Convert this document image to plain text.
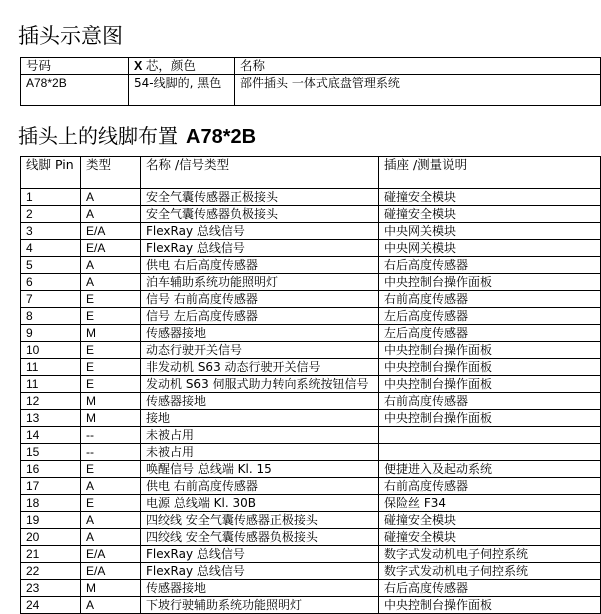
插头示意图
号码	X 芯，颜色	名称
A78*2B	54-线脚的, 黑色	部件插头 一体式底盘管理系统
插头上的线脚布置 A78*2B
线脚 Pin	类型	名称 /信号类型	插座 /测量说明
1	A	安全气囊传感器正极接头	碰撞安全模块
2	A	安全气囊传感器负极接头	碰撞安全模块
3	E/A	FlexRay 总线信号	中央网关模块
4	E/A	FlexRay 总线信号	中央网关模块
5	A	供电 右后高度传感器	右后高度传感器
6	A	泊车辅助系统功能照明灯	中央控制台操作面板
7	E	信号 右前高度传感器	右前高度传感器
8	E	信号 左后高度传感器	左后高度传感器
9	M	传感器接地	左后高度传感器
10	E	动态行驶开关信号	中央控制台操作面板
11	E	非发动机 S63 动态行驶开关信号	中央控制台操作面板
11	E	发动机 S63 伺服式助力转向系统按钮信号	中央控制台操作面板
12	M	传感器接地	右前高度传感器
13	M	接地	中央控制台操作面板
14	--	未被占用	
15	--	未被占用	
16	E	唤醒信号 总线端 Kl. 15	便捷进入及起动系统
17	A	供电 右前高度传感器	右前高度传感器
18	E	电源 总线端 Kl. 30B	保险丝 F34
19	A	四绞线 安全气囊传感器正极接头	碰撞安全模块
20	A	四绞线 安全气囊传感器负极接头	碰撞安全模块
21	E/A	FlexRay 总线信号	数字式发动机电子伺控系统
22	E/A	FlexRay 总线信号	数字式发动机电子伺控系统
23	M	传感器接地	右后高度传感器
24	A	下坡行驶辅助系统功能照明灯	中央控制台操作面板
